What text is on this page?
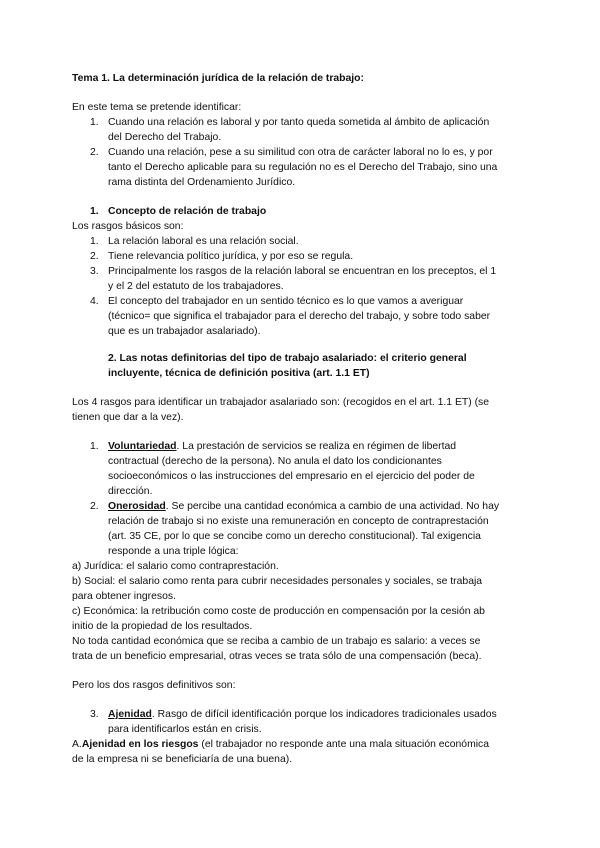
Tema 1. La determinación jurídica de la relación de trabajo:

En este tema se pretende identificar:

1. Cuando una relación es laboral y por tanto queda sometida al ámbito de aplicación

del Derecho del Trabajo.

2. Cuando una relación, pese a su similitud con otra de carácter laboral no lo es, y por

tanto el Derecho aplicable para su regulación no es el Derecho del Trabajo, sino una

rama distinta del Ordenamiento Jurídico.

1. Concepto de relación de trabajo

Los rasgos básicos son:

1. La relación laboral es una relación social.

2. Tiene relevancia político jurídica, y por eso se regula.

3. Principalmente los rasgos de la relación laboral se encuentran en los preceptos, el 1

y el 2 del estatuto de los trabajadores.

4. El concepto del trabajador en un sentido técnico es lo que vamos a averiguar

(técnico= que significa el trabajador para el derecho del trabajo, y sobre todo saber

que es un trabajador asalariado).

2. Las notas definitorias del tipo de trabajo asalariado: el criterio general

incluyente, técnica de definición positiva (art. 1.1 ET)

Los 4 rasgos para identificar un trabajador asalariado son: (recogidos en el art. 1.1 ET) (se

tienen que dar a la vez).

1. Voluntariedad. La prestación de servicios se realiza en régimen de libertad

contractual (derecho de la persona). No anula el dato los condicionantes

socioeconómicos o las instrucciones del empresario en el ejercicio del poder de

dirección.

2. Onerosidad. Se percibe una cantidad económica a cambio de una actividad. No hay

relación de trabajo si no existe una remuneración en concepto de contraprestación

(art. 35 CE, por lo que se concibe como un derecho constitucional). Tal exigencia

responde a una triple lógica:

a) Jurídica: el salario como contraprestación.

b) Social: el salario como renta para cubrir necesidades personales y sociales, se trabaja

para obtener ingresos.

c) Económica: la retribución como coste de producción en compensación por la cesión ab

initio de la propiedad de los resultados.

No toda cantidad económica que se reciba a cambio de un trabajo es salario: a veces se

trata de un beneficio empresarial, otras veces se trata sólo de una compensación (beca).

Pero los dos rasgos definitivos son:

3. Ajenidad. Rasgo de difícil identificación porque los indicadores tradicionales usados

para identificarlos están en crisis.

A.Ajenidad en los riesgos (el trabajador no responde ante una mala situación económica

de la empresa ni se beneficiaría de una buena).
